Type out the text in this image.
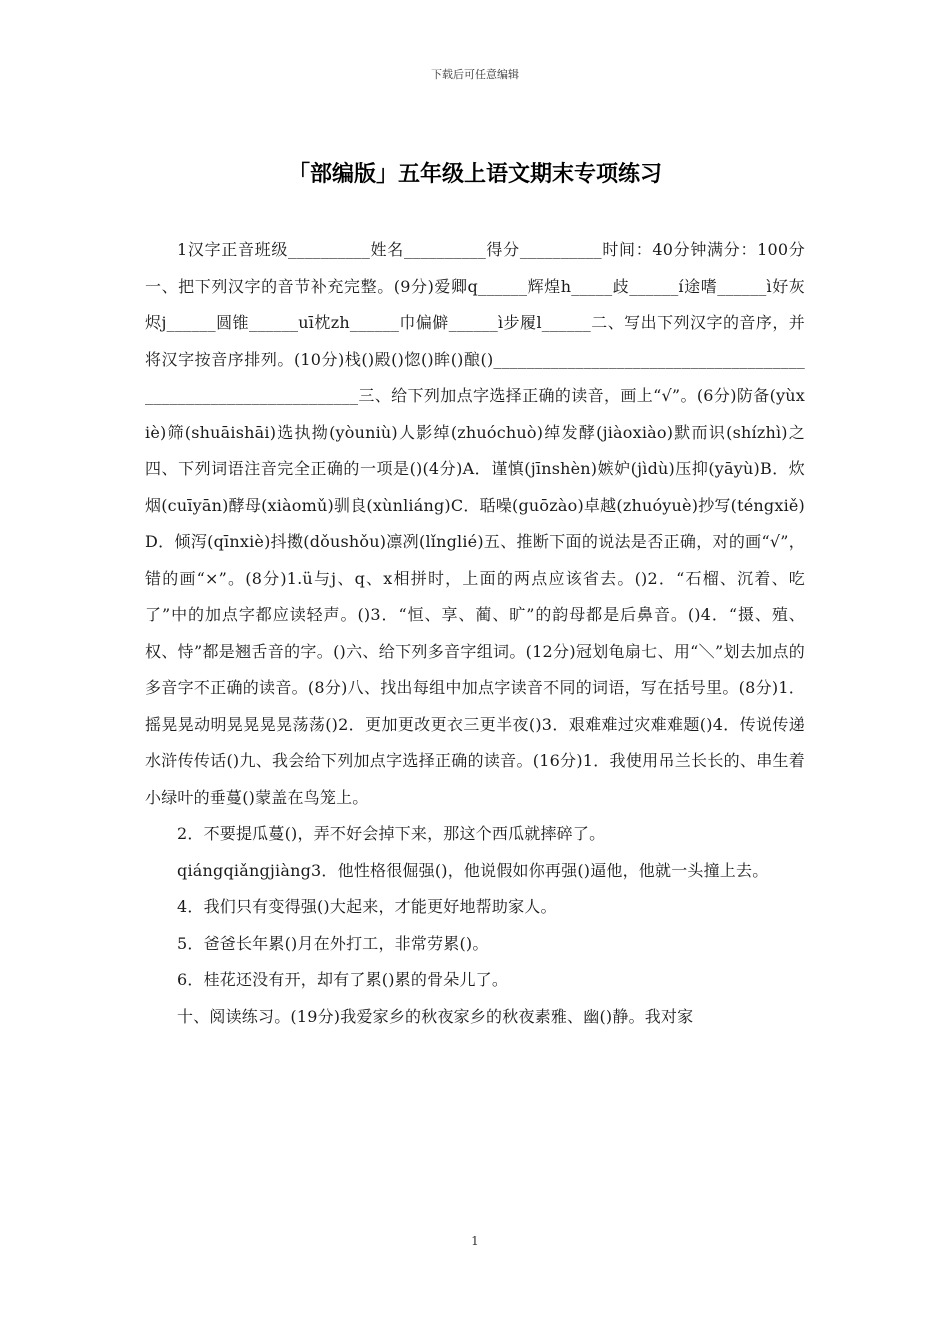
下载后可任意编辑
「部编版」五年级上语文期末专项练习

1汉字正音班级__________姓名__________得分__________时间：40分钟满分：100分一、把下列汉字的音节补充完整。(9分)爱卿q______辉煌h_____歧______í途嗜______ì好灰烬j______圆锥______uī枕zh______巾偏僻______ì步履l______二、写出下列汉字的音序，并将汉字按音序排列。(10分)栈()殿()惚()眸()酿()________________________________________________________________三、给下列加点字选择正确的读音，画上“√”。(6分)防备(yùxiè)筛(shuāishāi)选执拗(yòuniù)人影绰(zhuóchuò)绰发酵(jiàoxiào)默而识(shízhì)之四、下列词语注音完全正确的一项是()(4分)A．谨慎(jīnshèn)嫉妒(jìdù)压抑(yāyù)B．炊烟(cuīyān)酵母(xiàomǔ)驯良(xùnliáng)C．聒噪(guōzào)卓越(zhuóyuè)抄写(téngxiě)D．倾泻(qīnxiè)抖擞(dǒushǒu)凛冽(lǐnglié)五、推断下面的说法是否正确，对的画“√”，错的画“×”。(8分)1.ü与j、q、x相拼时，上面的两点应该省去。()2．“石榴、沉着、吃了”中的加点字都应读轻声。()3．“恒、享、蔺、旷”的韵母都是后鼻音。()4．“摄、殖、权、恃”都是翘舌音的字。()六、给下列多音字组词。(12分)冠划龟扇七、用“＼”划去加点的多音字不正确的读音。(8分)八、找出每组中加点字读音不同的词语，写在括号里。(8分)1．摇晃晃动明晃晃晃晃荡荡()2．更加更改更衣三更半夜()3．艰难难过灾难难题()4．传说传递水浒传传话()九、我会给下列加点字选择正确的读音。(16分)1．我使用吊兰长长的、串生着小绿叶的垂蔓()蒙盖在鸟笼上。

2．不要提瓜蔓()，弄不好会掉下来，那这个西瓜就摔碎了。

qiángqiǎngjiàng3．他性格很倔强()，他说假如你再强()逼他，他就一头撞上去。

4．我们只有变得强()大起来，才能更好地帮助家人。

5．爸爸长年累()月在外打工，非常劳累()。

6．桂花还没有开，却有了累()累的骨朵儿了。

十、阅读练习。(19分)我爱家乡的秋夜家乡的秋夜素雅、幽()静。我对家

1
